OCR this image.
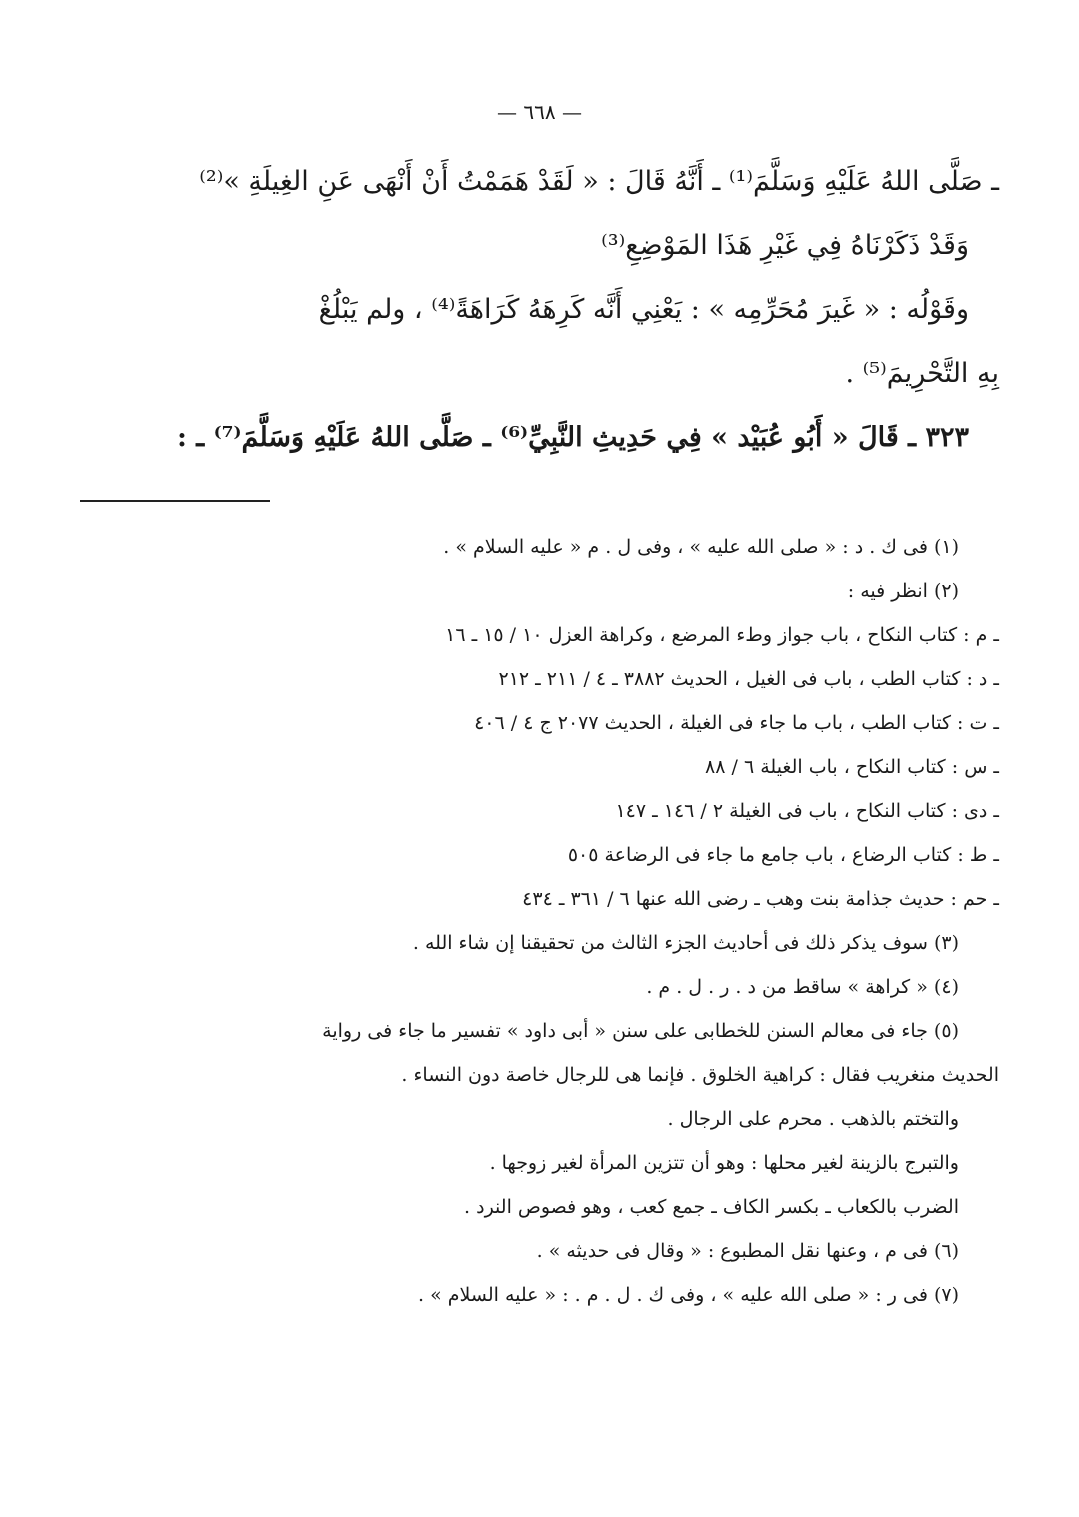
— ٦٦٨ —

ـ صَلَّى اللهُ عَلَيْهِ وَسَلَّمَ⁽¹⁾ ـ أَنَّهُ قَالَ : « لَقَدْ هَمَمْتُ أَنْ أَنْهَى عَنِ الغِيلَةِ »⁽²⁾

وَقَدْ ذَكَرْنَاهُ فِي غَيْرِ هَذَا المَوْضِعِ⁽³⁾

وقَوْلُه : « غَيرَ مُحَرِّمِه » : يَعْنِي أَنَّه كَرِهَهُ كَرَاهَةً⁽⁴⁾ ، ولم يَبْلُغْ

بِهِ التَّحْرِيمَ⁽⁵⁾ .

٣٢٣ ـ قَالَ « أَبُو عُبَيْد » فِي حَدِيثِ النَّبِيِّ⁽⁶⁾ ـ صَلَّى اللهُ عَلَيْهِ وَسَلَّمَ⁽⁷⁾ ـ :

(١) فى ك . د : « صلى الله عليه » ، وفى ل . م « عليه السلام » .

(٢) انظر فيه :

ـ م : كتاب النكاح ، باب جواز وطء المرضع ، وكراهة العزل ١٠ / ١٥ ـ ١٦

ـ د : كتاب الطب ، باب فى الغيل ، الحديث ٣٨٨٢ ـ ٤ / ٢١١ ـ ٢١٢

ـ ت : كتاب الطب ، باب ما جاء فى الغيلة ، الحديث ٢٠٧٧ ج ٤ / ٤٠٦

ـ س : كتاب النكاح ، باب الغيلة ٦ / ٨٨

ـ دى : كتاب النكاح ، باب فى الغيلة ٢ / ١٤٦ ـ ١٤٧

ـ ط : كتاب الرضاع ، باب جامع ما جاء فى الرضاعة ٥٠٥

ـ حم : حديث جذامة بنت وهب ـ رضى الله عنها ٦ / ٣٦١ ـ ٤٣٤

(٣) سوف يذكر ذلك فى أحاديث الجزء الثالث من تحقيقنا إن شاء الله .

(٤) « كراهة » ساقط من د . ر . ل . م .

(٥) جاء فى معالم السنن للخطابى على سنن « أبى داود » تفسير ما جاء فى رواية

الحديث منغريب فقال : كراهية الخلوق . فإنما هى للرجال خاصة دون النساء .

والتختم بالذهب . محرم على الرجال .

والتبرج بالزينة لغير محلها : وهو أن تتزين المرأة لغير زوجها .

الضرب بالكعاب ـ بكسر الكاف ـ جمع كعب ، وهو فصوص النرد .

(٦) فى م ، وعنها نقل المطبوع : « وقال فى حديثه » .

(٧) فى ر : « صلى الله عليه » ، وفى ك . ل . م . : « عليه السلام » .
